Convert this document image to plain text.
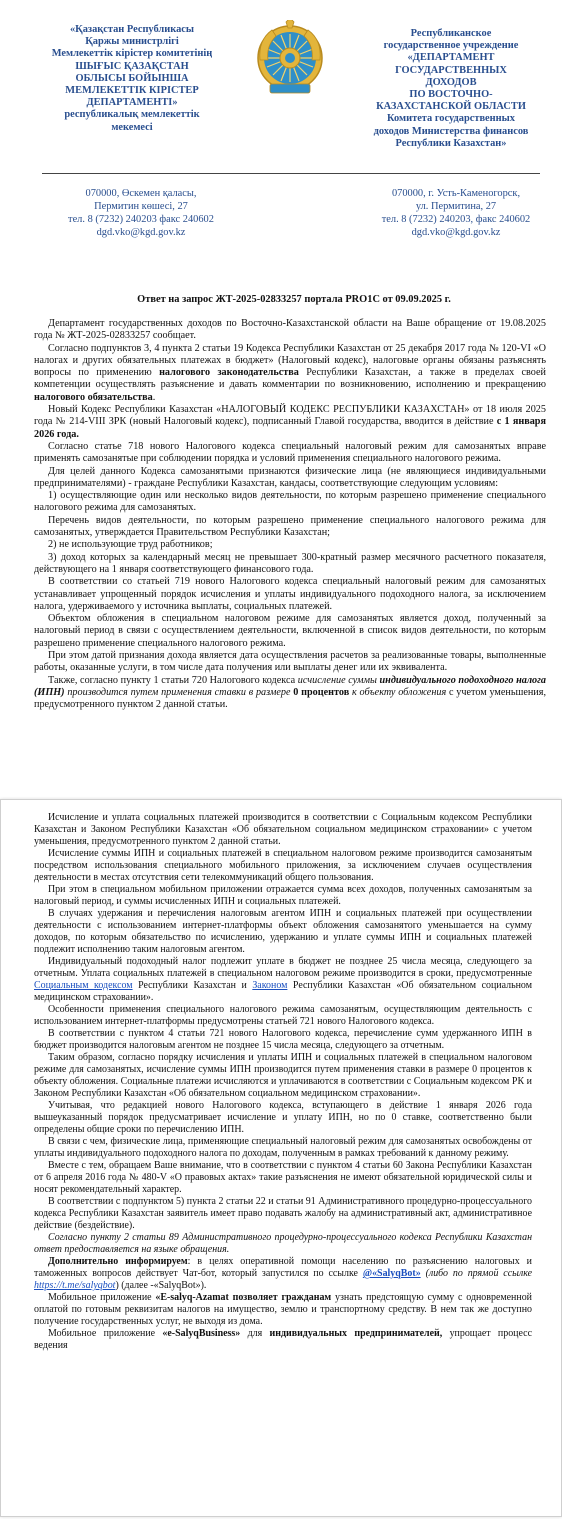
«Қазақстан Республикасы
Қаржы министрлігі
Мемлекеттік кірістер комитетінің
ШЫҒЫС ҚАЗАҚСТАН
ОБЛЫСЫ БОЙЫНША
МЕМЛЕКЕТТІК КІРІСТЕР
ДЕПАРТАМЕНТІ»
республикалық мемлекеттік
мекемесі
Республиканское
государственное учреждение
«ДЕПАРТАМЕНТ
ГОСУДАРСТВЕННЫХ
ДОХОДОВ
ПО ВОСТОЧНО-
КАЗАХСТАНСКОЙ ОБЛАСТИ
Комитета государственных
доходов Министерства финансов
Республики Казахстан»
070000, Өскемен қаласы,
Пермитин көшесі, 27
тел. 8 (7232) 240203 факс 240602
dgd.vko@kgd.gov.kz
070000, г. Усть-Каменогорск,
ул. Пермитина, 27
тел. 8 (7232) 240203, факс 240602
dgd.vko@kgd.gov.kz
Ответ на запрос ЖТ-2025-02833257 портала PRO1C от 09.09.2025 г.

Департамент государственных доходов по Восточно-Казахстанской области на Ваше обращение от 19.08.2025 года № ЖТ-2025-02833257 сообщает.

Согласно подпунктов 3, 4 пункта 2 статьи 19 Кодекса Республики Казахстан от 25 декабря 2017 года № 120-VI «О налогах и других обязательных платежах в бюджет» (Налоговый кодекс), налоговые органы обязаны разъяснять вопросы по применению налогового законодательства Республики Казахстан, а также в пределах своей компетенции осуществлять разъяснение и давать комментарии по возникновению, исполнению и прекращению налогового обязательства.

Новый Кодекс Республики Казахстан «НАЛОГОВЫЙ КОДЕКС РЕСПУБЛИКИ КАЗАХСТАН» от 18 июля 2025 года № 214-VIII ЗРК (новый Налоговый кодекс), подписанный Главой государства, вводится в действие с 1 января 2026 года.

Согласно статье 718 нового Налогового кодекса специальный налоговый режим для самозанятых вправе применять самозанятые при соблюдении порядка и условий применения специального налогового режима.

Для целей данного Кодекса самозанятыми признаются физические лица (не являющиеся индивидуальными предпринимателями) - граждане Республики Казахстан, кандасы, соответствующие следующим условиям:

1) осуществляющие один или несколько видов деятельности, по которым разрешено применение специального налогового режима для самозанятых.

Перечень видов деятельности, по которым разрешено применение специального налогового режима для самозанятых, утверждается Правительством Республики Казахстан;

2) не использующие труд работников;

3) доход которых за календарный месяц не превышает 300-кратный размер месячного расчетного показателя, действующего на 1 января соответствующего финансового года.

В соответствии со статьей 719 нового Налогового кодекса специальный налоговый режим для самозанятых устанавливает упрощенный порядок исчисления и уплаты индивидуального подоходного налога, за исключением налога, удерживаемого у источника выплаты, социальных платежей.

Объектом обложения в специальном налоговом режиме для самозанятых является доход, полученный за налоговый период в связи с осуществлением деятельности, включенной в список видов деятельности, по которым разрешено применение специального налогового режима.

При этом датой признания дохода является дата осуществления расчетов за реализованные товары, выполненные работы, оказанные услуги, в том числе дата получения или выплаты денег или их эквивалента.

Также, согласно пункту 1 статьи 720 Налогового кодекса исчисление суммы индивидуального подоходного налога (ИПН) производится путем применения ставки в размере 0 процентов к объекту обложения с учетом уменьшения, предусмотренного пунктом 2 данной статьи.

Исчисление и уплата социальных платежей производится в соответствии с Социальным кодексом Республики Казахстан и Законом Республики Казахстан «Об обязательном социальном медицинском страховании» с учетом уменьшения, предусмотренного пунктом 2 данной статьи.

Исчисление суммы ИПН и социальных платежей в специальном налоговом режиме производится самозанятым посредством использования специального мобильного приложения, за исключением случаев осуществления деятельности в местах отсутствия сети телекоммуникаций общего пользования.

При этом в специальном мобильном приложении отражается сумма всех доходов, полученных самозанятым за налоговый период, и суммы исчисленных ИПН и социальных платежей.

В случаях удержания и перечисления налоговым агентом ИПН и социальных платежей при осуществлении деятельности с использованием интернет-платформы объект обложения самозанятого уменьшается на сумму доходов, по которым обязательство по исчислению, удержанию и уплате суммы ИПН и социальных платежей подлежит исполнению таким налоговым агентом.

Индивидуальный подоходный налог подлежит уплате в бюджет не позднее 25 числа месяца, следующего за отчетным. Уплата социальных платежей в специальном налоговом режиме производится в сроки, предусмотренные Социальным кодексом Республики Казахстан и Законом Республики Казахстан «Об обязательном социальном медицинском страховании».

Особенности применения специального налогового режима самозанятым, осуществляющим деятельность с использованием интернет-платформы предусмотрены статьей 721 нового Налогового кодекса.

В соответствии с пунктом 4 статьи 721 нового Налогового кодекса, перечисление сумм удержанного ИПН в бюджет производится налоговым агентом не позднее 15 числа месяца, следующего за отчетным.

Таким образом, согласно порядку исчисления и уплаты ИПН и социальных платежей в специальном налоговом режиме для самозанятых, исчисление суммы ИПН производится путем применения ставки в размере 0 процентов к объекту обложения. Социальные платежи исчисляются и уплачиваются в соответствии с Социальным кодексом РК и Законом Республики Казахстан «Об обязательном социальном медицинском страховании».

Учитывая, что редакцией нового Налогового кодекса, вступающего в действие 1 января 2026 года вышеуказанный порядок предусматривает исчисление и уплату ИПН, но по 0 ставке, соответственно были определены общие сроки по перечислению ИПН.

В связи с чем, физические лица, применяющие специальный налоговый режим для самозанятых освобождены от уплаты индивидуального подоходного налога по доходам, полученным в рамках требований к данному режиму.

Вместе с тем, обращаем Ваше внимание, что в соответствии с пунктом 4 статьи 60 Закона Республики Казахстан от 6 апреля 2016 года № 480-V «О правовых актах» такие разъяснения не имеют обязательной юридической силы и носят рекомендательный характер.

В соответствии с подпунктом 5) пункта 2 статьи 22 и статьи 91 Административного процедурно-процессуального кодекса Республики Казахстан заявитель имеет право подавать жалобу на административный акт, административное действие (бездействие).

Согласно пункту 2 статьи 89 Административного процедурно-процессуального кодекса Республики Казахстан ответ предоставляется на языке обращения.

Дополнительно информируем: в целях оперативной помощи населению по разъяснению налоговых и таможенных вопросов действует Чат-бот, который запустился по ссылке @«SalyqBot» (либо по прямой ссылке https://t.me/salyqbot) (далее -«SalyqBot»).

Мобильное приложение «E-salyq-Azamat позволяет гражданам узнать предстоящую сумму с одновременной оплатой по готовым реквизитам налогов на имущество, землю и транспортному средству. В нем так же доступно получение государственных услуг, не выходя из дома.

Мобильное приложение «e-SalyqBusiness» для индивидуальных предпринимателей, упрощает процесс ведения
